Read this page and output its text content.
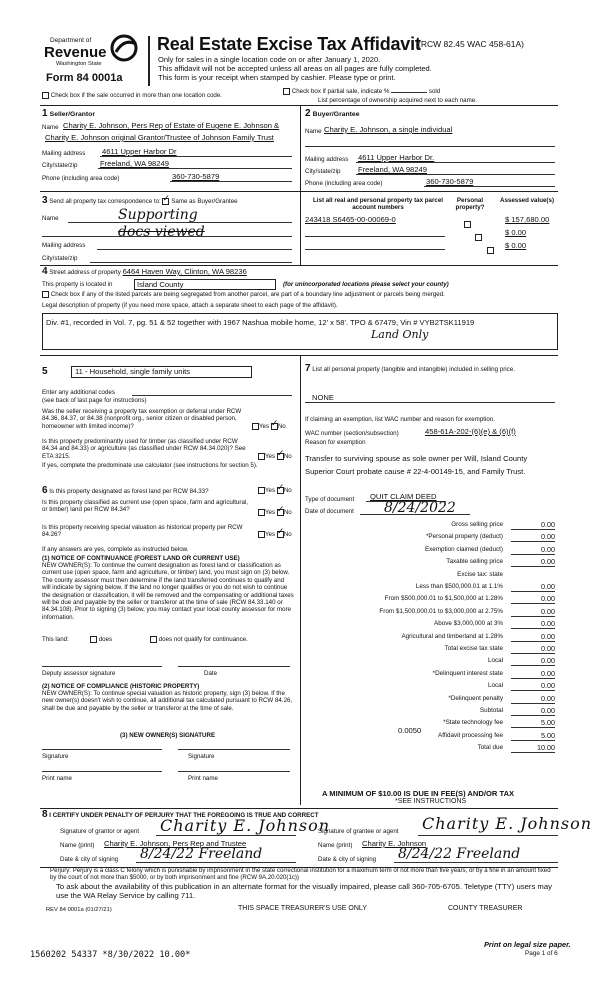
Department of
Revenue
Washington State
Form 84 0001a
Real Estate Excise Tax Affidavit
(RCW 82.45 WAC 458-61A)
Only for sales in a single location code on or after January 1, 2020.
This affidavit will not be accepted unless all areas on all pages are fully completed.
This form is your receipt when stamped by cashier. Please type or print.
Check box if the sale occurred in more than one location code.
Check box if partial sale, indicate %	sold
List percentage of ownership acquired next to each name.
1 Seller/Grantor
Name Charity E. Johnson, Pers Rep of Estate of Eugene E. Johnson &
Charity E. Johnson original Grantor/Trustee of Johnson Family Trust
Mailing address 4611 Upper Harbor Dr
City/state/zip	Freeland, WA 98249
Phone (including area code)	360-730-5879
2 Buyer/Grantee
Name Charity E. Johnson, a single individual
Mailing address 4611 Upper Harbor Dr.
City/state/zip Freeland, WA 98249
Phone (including area code)	360-730-5879
3 Send all property tax correspondence to: ✓ Same as Buyer/Grantee
Name	Supporting
docs viewed
Mailing address
City/state/zip
List all real and personal property tax parcel account numbers
Personal property?
Assessed value(s)
243418 S6465-00-00069-0
	$ 157,680.00

$ 0.00
$ 0.00
4 Street address of property 6464 Haven Way, Clinton, WA 98236
This property is located in	Island County	(for unincorporated locations please select your county)
Check box if any of the listed parcels are being segregated from another parcel, are part of a boundary line adjustment or parcels being merged.
Legal description of property (if you need more space, attach a separate sheet to each page of the affidavit).
Div. #1, recorded in Vol. 7, pg. 51 & 52 together with 1967 Nashua mobile home, 12' x 58'. TPO & 67479, Vin # VYB2TSK11919
Land Only
5	11 - Household, single family units
Enter any additional codes
(see back of last page for instructions)
Was the seller receiving a property tax exemption or deferral under RCW 84.36, 84.37, or 84.38 (nonprofit org., senior citizen or disabled person, homeowner with limited income)?	Yes ✓ No
Is this property predominantly used for timber (as classified under RCW 84.34 and 84.33) or agriculture (as classified under RCW 84.34.020)? See ETA 3215.	Yes ✓ No
If yes, complete the predominate use calculator (see instructions for section 5).
6 Is this property designated as forest land per RCW 84.33?	Yes ✓ No
Is this property classified as current use (open space, farm and agricultural, or timber) land per RCW 84.34?	Yes ✓ No
Is this property receiving special valuation as historical property per RCW 84.26?	Yes ✓ No
If any answers are yes, complete as instructed below.
(1) NOTICE OF CONTINUANCE (FOREST LAND OR CURRENT USE)
NEW OWNER(S): To continue the current designation as forest land or classification as current use (open space, farm and agriculture, or timber) land, you must sign on (3) below. The county assessor must then determine if the land transferred continues to qualify and will indicate by signing below. If the land no longer qualifies or you do not wish to continue the designation or classification, it will be removed and the compensating or additional taxes will be due and payable by the seller or transferor at the time of sale (RCW 84.33.140 or 84.34.108). Prior to signing (3) below, you may contact your local county assessor for more information.
This land:	does	does not qualify for continuance.
Deputy assessor signature	Date
(2) NOTICE OF COMPLIANCE (HISTORIC PROPERTY)
NEW OWNER(S): To continue special valuation as historic property, sign (3) below. If the new owner(s) doesn't wish to continue, all additional tax calculated pursuant to RCW 84.26, shall be due and payable by the seller or transferor at the time of sale.
(3) NEW OWNER(S) SIGNATURE
Signature	Signature
Print name	Print name
7 List all personal property (tangible and intangible) included in selling price.
NONE
If claiming an exemption, list WAC number and reason for exemption.
WAC number (section/subsection)	458-61A-202-(6)(e) & (6)(f)
Reason for exemption
Transfer to surviving spouse as sole owner per Will, Island County
Superior Court probate cause # 22-4-00149-15, and Family Trust.
Type of document QUIT CLAIM DEED
Date of document 8/24/2022
Gross selling price	0.00
*Personal property (deduct)	0.00
Exemption claimed (deduct)	0.00
Taxable selling price	0.00
Excise tax: state
Less than $500,000.01 at 1.1%	0.00
From $500,000.01 to $1,500,000 at 1.28%	0.00
From $1,500,000.01 to $3,000,000 at 2.75%	0.00
Above $3,000,000 at 3%	0.00
Agricultural and timberland at 1.28%	0.00
Total excise tax state	0.00
Local	0.00
*Delinquent interest state	0.00
Local	0.00
*Delinquent penalty	0.00
Subtotal	0.00
*State technology fee	5.00
Affidavit processing fee	5.00
Total due	10.00
0.0050
A MINIMUM OF $10.00 IS DUE IN FEE(S) AND/OR TAX
*SEE INSTRUCTIONS
8 I CERTIFY UNDER PENALTY OF PERJURY THAT THE FOREGOING IS TRUE AND CORRECT
Signature of grantor or agent Charity E. Johnson
Signature of grantee or agent Charity E. Johnson
Name (print) Charity E. Johnson, Pers Rep and Trustee	Name (print) Charity E. Johnson
Date & city of signing 8/24/22 Freeland	Date & city of signing 8/24/22 Freeland
Perjury: Perjury is a class C felony which is punishable by imprisonment in the state correctional institution for a maximum term of not more than five years, or by a fine in an amount fixed by the court of not more than $5000, or by both imprisonment and fine (RCW 9A.20.020(1c))
To ask about the availability of this publication in an alternate format for the visually impaired, please call 360-705-6705. Teletype (TTY) users may use the WA Relay Service by calling 711.
REV 84 0001a (01/27/21)	THIS SPACE TREASURER'S USE ONLY	COUNTY TREASURER
Print on legal size paper.
Page 1 of 6
1560202 54337 *8/30/2022 10.00*
